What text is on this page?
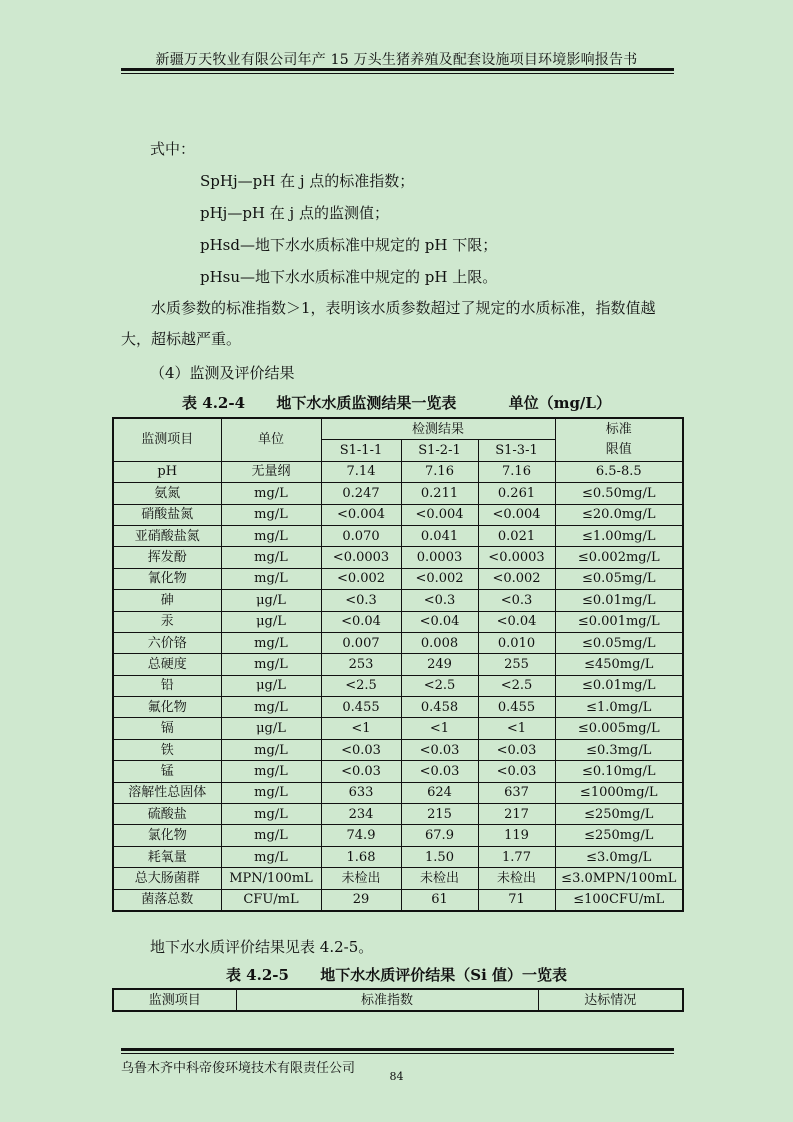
新疆万天牧业有限公司年产 15 万头生猪养殖及配套设施项目环境影响报告书
式中：
SpHj—pH 在 j 点的标准指数；
pHj—pH 在 j 点的监测值；
pHsd—地下水水质标准中规定的 pH 下限；
pHsu—地下水水质标准中规定的 pH 上限。
水质参数的标准指数＞1，表明该水质参数超过了规定的水质标准，指数值越大，超标越严重。
（4）监测及评价结果
表 4.2-4      地下水水质监测结果一览表          单位（mg/L）
监测项目	单位	检测结果			标准
限值
		S1-1-1	S1-2-1	S1-3-1	
pH	无量纲	7.14	7.16	7.16	6.5-8.5
氨氮	mg/L	0.247	0.211	0.261	≤0.50mg/L
硝酸盐氮	mg/L	<0.004	<0.004	<0.004	≤20.0mg/L
亚硝酸盐氮	mg/L	0.070	0.041	0.021	≤1.00mg/L
挥发酚	mg/L	<0.0003	0.0003	<0.0003	≤0.002mg/L
氰化物	mg/L	<0.002	<0.002	<0.002	≤0.05mg/L
砷	μg/L	<0.3	<0.3	<0.3	≤0.01mg/L
汞	μg/L	<0.04	<0.04	<0.04	≤0.001mg/L
六价铬	mg/L	0.007	0.008	0.010	≤0.05mg/L
总硬度	mg/L	253	249	255	≤450mg/L
铅	μg/L	<2.5	<2.5	<2.5	≤0.01mg/L
氟化物	mg/L	0.455	0.458	0.455	≤1.0mg/L
镉	μg/L	<1	<1	<1	≤0.005mg/L
铁	mg/L	<0.03	<0.03	<0.03	≤0.3mg/L
锰	mg/L	<0.03	<0.03	<0.03	≤0.10mg/L
溶解性总固体	mg/L	633	624	637	≤1000mg/L
硫酸盐	mg/L	234	215	217	≤250mg/L
氯化物	mg/L	74.9	67.9	119	≤250mg/L
耗氧量	mg/L	1.68	1.50	1.77	≤3.0mg/L
总大肠菌群	MPN/100mL	未检出	未检出	未检出	≤3.0MPN/100mL
菌落总数	CFU/mL	29	61	71	≤100CFU/mL
地下水水质评价结果见表 4.2-5。
表 4.2-5      地下水水质评价结果（Si 值）一览表
监测项目	标准指数	达标情况
乌鲁木齐中科帝俊环境技术有限责任公司
84
